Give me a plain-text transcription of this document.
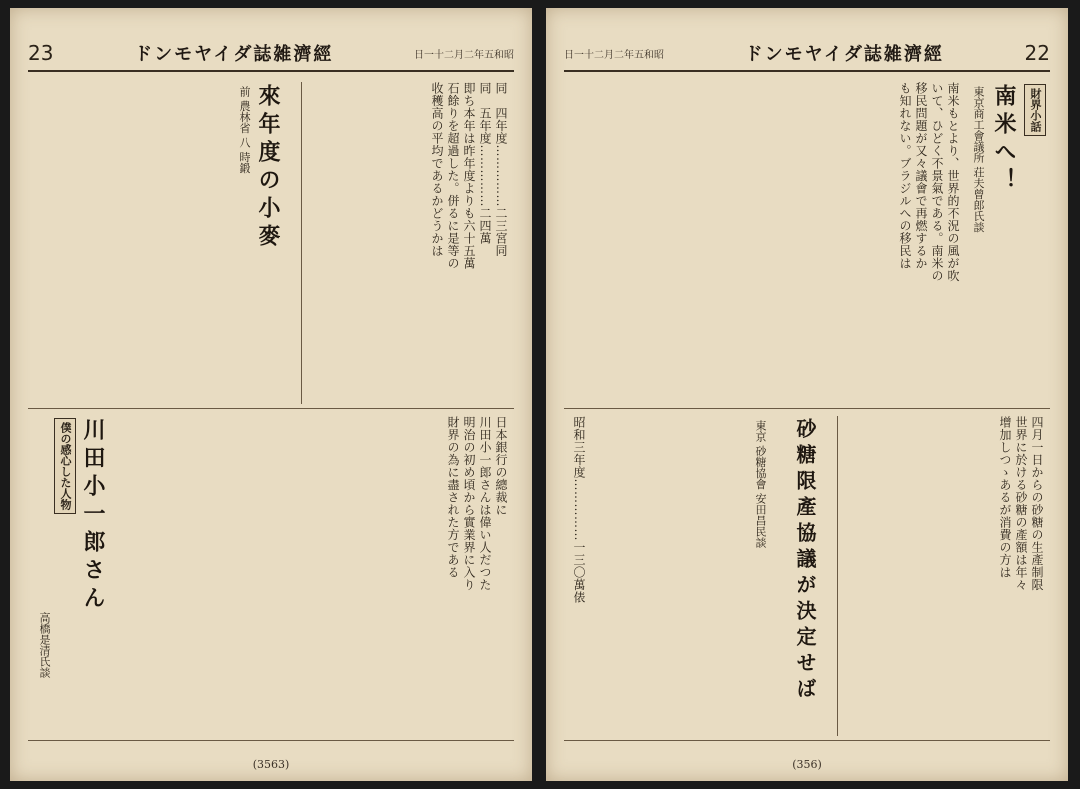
23	ドンモヤイダ誌雑濟經	日一十二月二年五和昭
同　四年度……………二三宮同
同　五年度……………二四萬
即ち本年は昨年度よりも六十五萬
石餘りを超過した。併るに是等の
收穫高の平均であるかどうかは
來年度の小麥
前 農林省 八 時鍛
僕の感心した人物 川田小一郎さん
高橋是清氏談
日本銀行の總裁に
川田小一郎さんは偉い人だつた
明治の初め頃から實業界に入り
財界の為に盡された方である
(3563)
日一十二月二年五和昭	ドンモヤイダ誌雑濟經	22
財界小話
南米へ！
東京商工會議所 荘夫曾郎氏談
南米もとより、世界的不況の風が吹
いて、ひどく不景氣である。南米の
移民問題が又々議會で再燃するか
も知れない。ブラジルへの移民は
砂糖限產協議が決定せば
東京 砂糖協會 安田昌民談	四月一日からの砂糖の生產制限
世界に於ける砂糖の產額は年々
增加しつゝあるが消費の方は
昭和三年度……………一三〇萬俵
(356)
